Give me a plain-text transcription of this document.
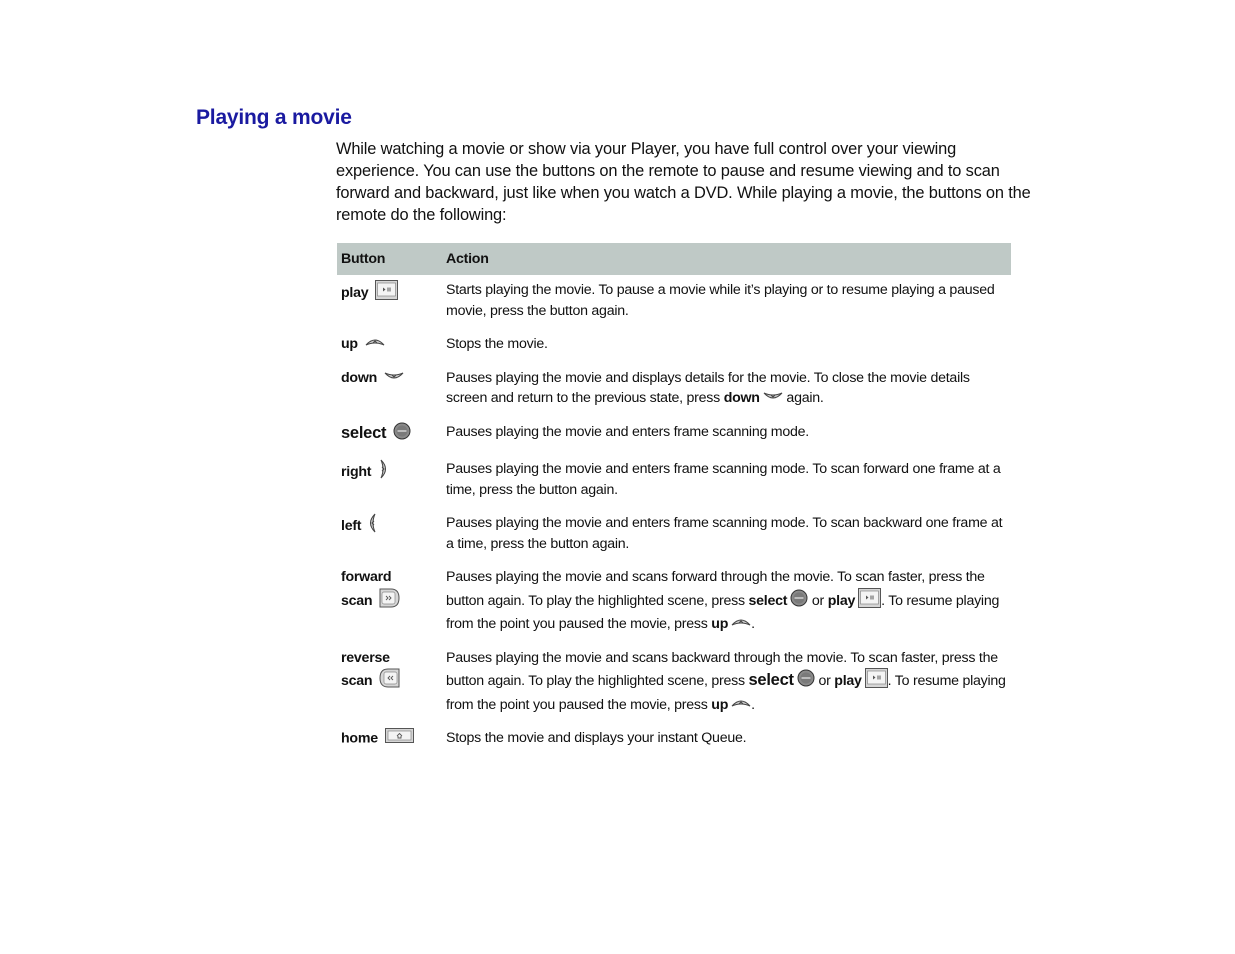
Playing a movie

While watching a movie or show via your Player, you have full control over your viewing experience. You can use the buttons on the remote to pause and resume viewing and to scan forward and backward, just like when you watch a DVD. While playing a movie, the buttons on the remote do the following:

Button	Action
play	Starts playing the movie. To pause a movie while it’s playing or to resume playing a paused movie, press the button again.
up	Stops the movie.
down	Pauses playing the movie and displays details for the movie. To close the movie details screen and return to the previous state, press down again.
select	Pauses playing the movie and enters frame scanning mode.
right	Pauses playing the movie and enters frame scanning mode. To scan forward one frame at a time, press the button again.
left	Pauses playing the movie and enters frame scanning mode. To scan backward one frame at a time, press the button again.
forward
scan	Pauses playing the movie and scans forward through the movie. To scan faster, press the button again. To play the highlighted scene, press select or play . To resume playing from the point you paused the movie, press up .
reverse
scan	Pauses playing the movie and scans backward through the movie. To scan faster, press the button again. To play the highlighted scene, press select or play . To resume playing from the point you paused the movie, press up .
home	Stops the movie and displays your instant Queue.
